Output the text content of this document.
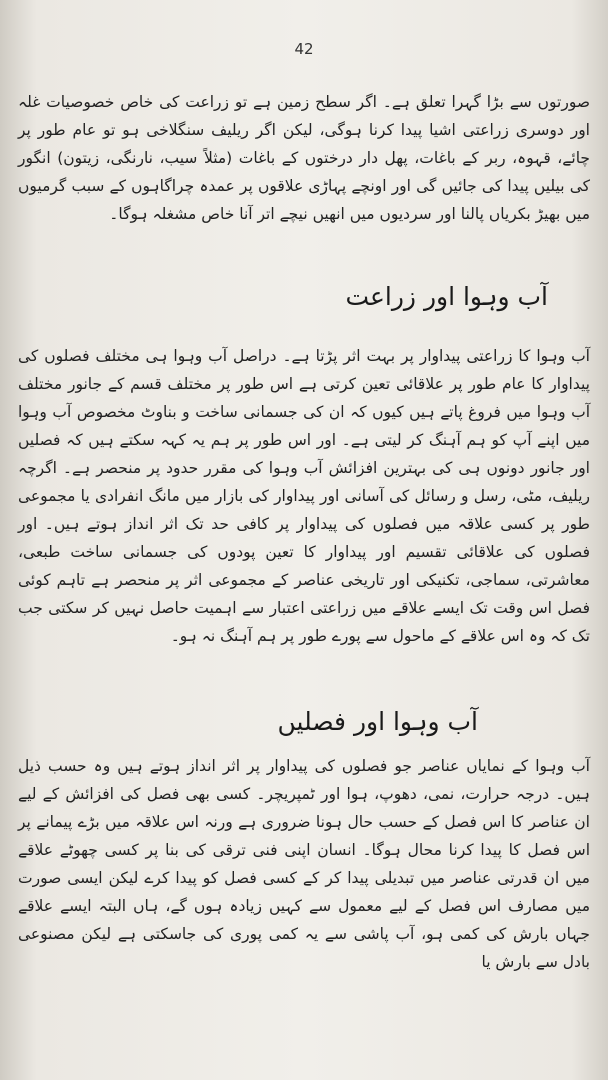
42

صورتوں سے بڑا گہرا تعلق ہے۔ اگر سطح زمین ہے تو زراعت کی خاص خصوصیات غلہ اور دوسری زراعتی اشیا پیدا کرنا ہوگی، لیکن اگر ریلیف سنگلاخی ہو تو عام طور پر چائے، قہوہ، ربر کے باغات، پھل دار درختوں کے باغات (مثلاً سیب، نارنگی، زیتون) انگور کی بیلیں پیدا کی جائیں گی اور اونچے پہاڑی علاقوں پر عمدہ چراگاہوں کے سبب گرمیوں میں بھیڑ بکریاں پالنا اور سردیوں میں انھیں نیچے اتر آنا خاص مشغلہ ہوگا۔

آب وہوا اور زراعت

آب وہوا کا زراعتی پیداوار پر بہت اثر پڑتا ہے۔ دراصل آب وہوا ہی مختلف فصلوں کی پیداوار کا عام طور پر علاقائی تعین کرتی ہے اس طور پر مختلف قسم کے جانور مختلف آب وہوا میں فروغ پاتے ہیں کیوں کہ ان کی جسمانی ساخت و بناوٹ مخصوص آب وہوا میں اپنے آپ کو ہم آہنگ کر لیتی ہے۔ اور اس طور پر ہم یہ کہہ سکتے ہیں کہ فصلیں اور جانور دونوں ہی کی بہترین افزائش آب وہوا کی مقرر حدود پر منحصر ہے۔ اگرچہ ریلیف، مٹی، رسل و رسائل کی آسانی اور پیداوار کی بازار میں مانگ انفرادی یا مجموعی طور پر کسی علاقہ میں فصلوں کی پیداوار پر کافی حد تک اثر انداز ہوتے ہیں۔ اور فصلوں کی علاقائی تقسیم اور پیداوار کا تعین پودوں کی جسمانی ساخت طبعی، معاشرتی، سماجی، تکنیکی اور تاریخی عناصر کے مجموعی اثر پر منحصر ہے تاہم کوئی فصل اس وقت تک ایسے علاقے میں زراعتی اعتبار سے اہمیت حاصل نہیں کر سکتی جب تک کہ وہ اس علاقے کے ماحول سے پورے طور پر ہم آہنگ نہ ہو۔

آب وہوا اور فصلیں

آب وہوا کے نمایاں عناصر جو فصلوں کی پیداوار پر اثر انداز ہوتے ہیں وہ حسب ذیل ہیں۔ درجہ حرارت، نمی، دھوپ، ہوا اور ٹمپریچر۔ کسی بھی فصل کی افزائش کے لیے ان عناصر کا اس فصل کے حسب حال ہونا ضروری ہے ورنہ اس علاقہ میں بڑے پیمانے پر اس فصل کا پیدا کرنا محال ہوگا۔ انسان اپنی فنی ترقی کی بنا پر کسی چھوٹے علاقے میں ان قدرتی عناصر میں تبدیلی پیدا کر کے کسی فصل کو پیدا کرے لیکن ایسی صورت میں مصارف اس فصل کے لیے معمول سے کہیں زیادہ ہوں گے، ہاں البتہ ایسے علاقے جہاں بارش کی کمی ہو، آب پاشی سے یہ کمی پوری کی جاسکتی ہے لیکن مصنوعی بادل سے بارش یا
